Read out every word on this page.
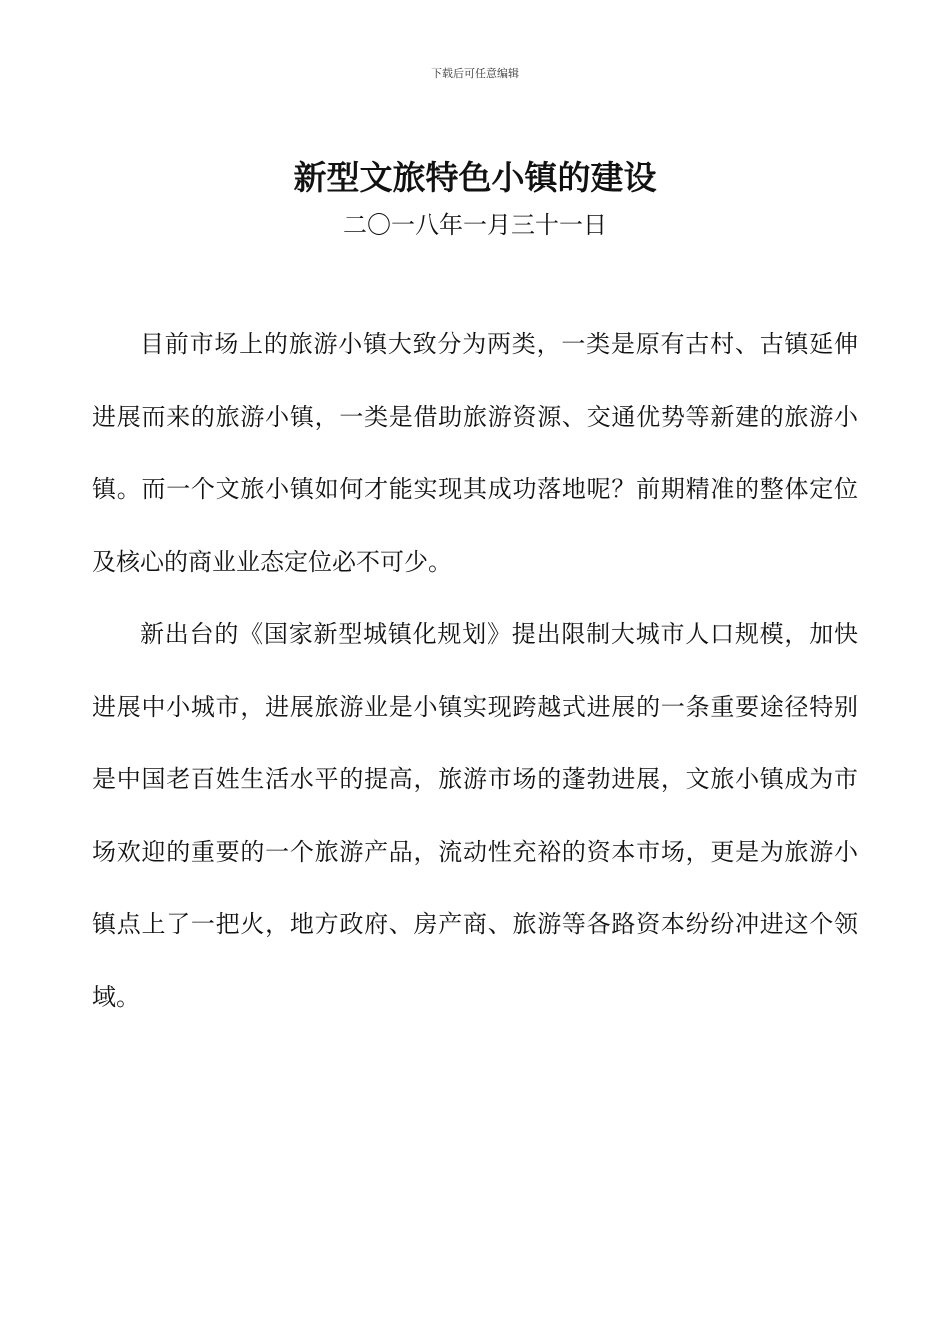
下载后可任意编辑
新型文旅特色小镇的建设
二〇一八年一月三十一日

目前市场上的旅游小镇大致分为两类，一类是原有古村、古镇延伸进展而来的旅游小镇，一类是借助旅游资源、交通优势等新建的旅游小镇。而一个文旅小镇如何才能实现其成功落地呢？前期精准的整体定位及核心的商业业态定位必不可少。

新出台的《国家新型城镇化规划》提出限制大城市人口规模，加快进展中小城市，进展旅游业是小镇实现跨越式进展的一条重要途径特别是中国老百姓生活水平的提高，旅游市场的蓬勃进展，文旅小镇成为市场欢迎的重要的一个旅游产品，流动性充裕的资本市场，更是为旅游小镇点上了一把火，地方政府、房产商、旅游等各路资本纷纷冲进这个领域。
